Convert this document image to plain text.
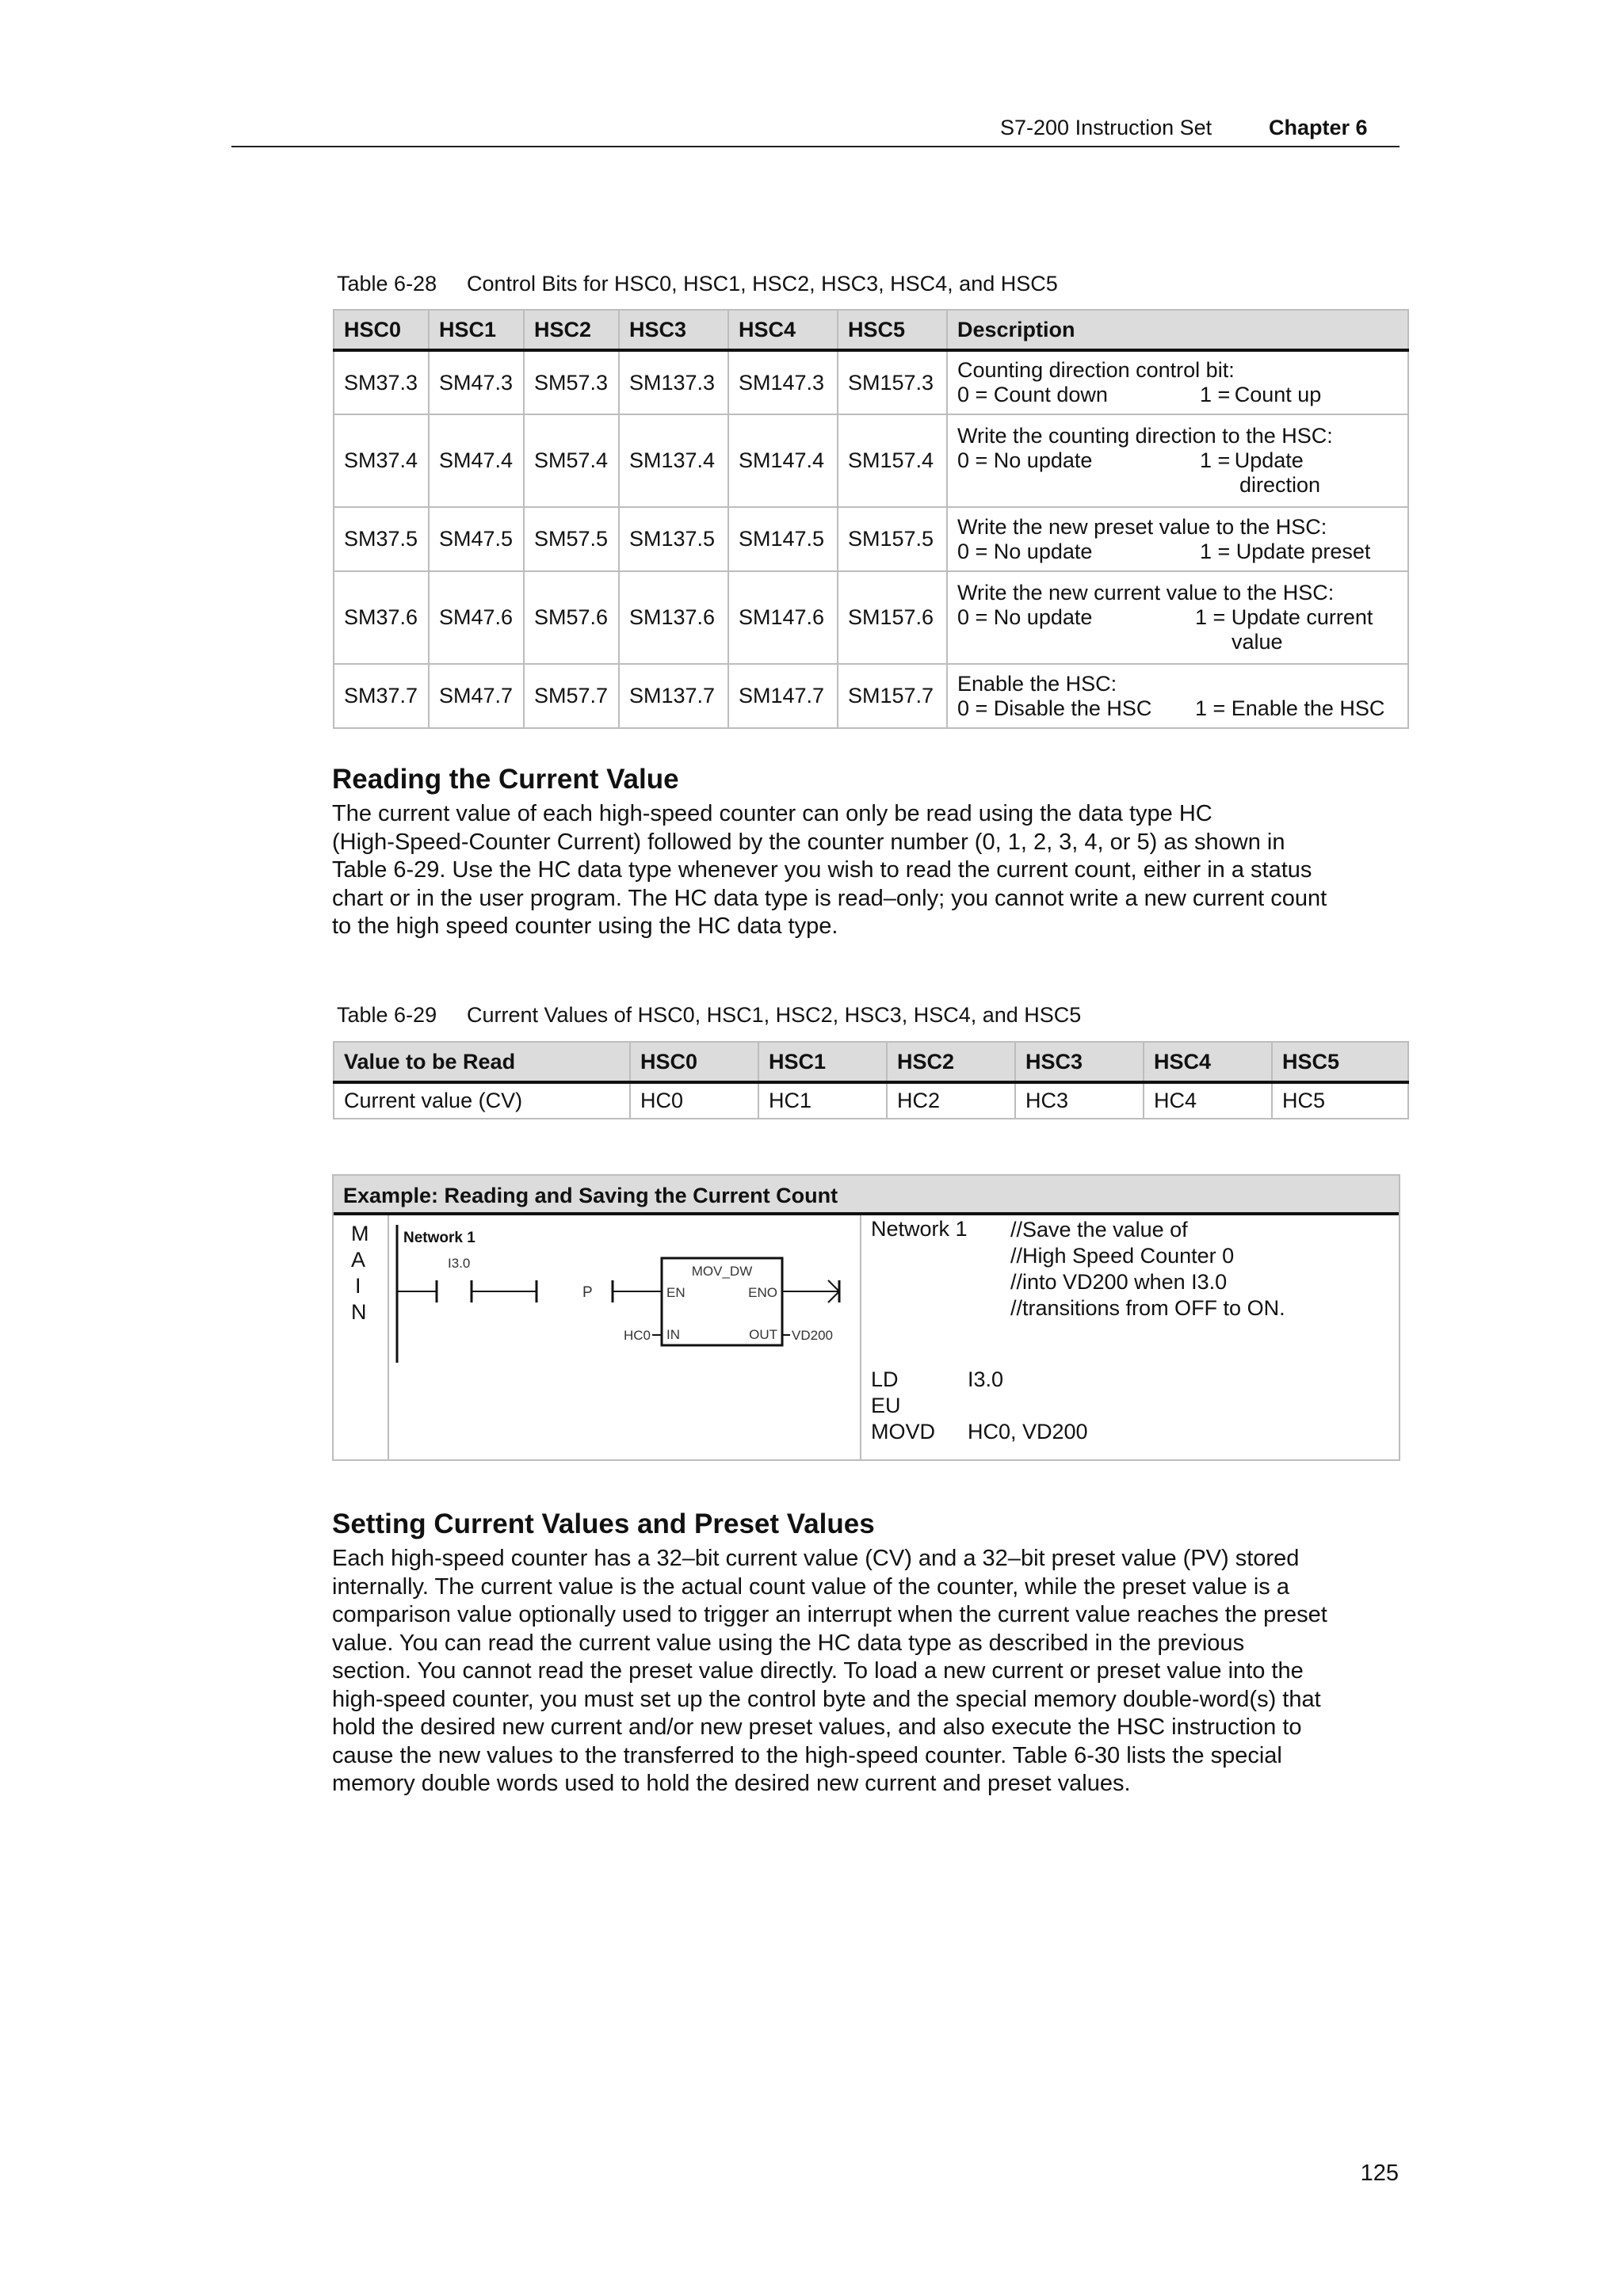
S7-200 Instruction Set	Chapter 6
Table 6-28 Control Bits for HSC0, HSC1, HSC2, HSC3, HSC4, and HSC5
HSC0	HSC1	HSC2	HSC3	HSC4	HSC5	Description
SM37.3	SM47.3	SM57.3	SM137.3	SM147.3	SM157.3	Counting direction control bit:
0 = Count down 1 = Count up

SM37.4	SM47.4	SM57.4	SM137.4	SM147.4	SM157.4	Write the counting direction to the HSC:
0 = No update 1 = Update
direction

SM37.5	SM47.5	SM57.5	SM137.5	SM147.5	SM157.5	Write the new preset value to the HSC:
0 = No update 1 = Update preset

SM37.6	SM47.6	SM57.6	SM137.6	SM147.6	SM157.6	Write the new current value to the HSC:
0 = No update 1 = Update current
value

SM37.7	SM47.7	SM57.7	SM137.7	SM147.7	SM157.7	Enable the HSC:
0 = Disable the HSC 1 = Enable the HSC
Reading the Current Value
The current value of each high-speed counter can only be read using the data type HC
(High-Speed-Counter Current) followed by the counter number (0, 1, 2, 3, 4, or 5) as shown in
Table 6-29. Use the HC data type whenever you wish to read the current count, either in a status
chart or in the user program. The HC data type is read–only; you cannot write a new current count
to the high speed counter using the HC data type.
Table 6-29 Current Values of HSC0, HSC1, HSC2, HSC3, HSC4, and HSC5
Value to be Read	HSC0	HSC1	HSC2	HSC3	HSC4	HSC5
Current value (CV)	HC0	HC1	HC2	HC3	HC4	HC5
Example: Reading and Saving the Current Count
M
A
I
N
Network 1
I3.0
P
MOV_DW
EN	ENO
IN	OUT
HC0	VD200
Network 1 //Save the value of
//High Speed Counter 0
//into VD200 when I3.0
//transitions from OFF to ON.
LD	I3.0
EU
MOVD HC0, VD200
Setting Current Values and Preset Values
Each high-speed counter has a 32–bit current value (CV) and a 32–bit preset value (PV) stored
internally. The current value is the actual count value of the counter, while the preset value is a
comparison value optionally used to trigger an interrupt when the current value reaches the preset
value. You can read the current value using the HC data type as described in the previous
section. You cannot read the preset value directly. To load a new current or preset value into the
high-speed counter, you must set up the control byte and the special memory double-word(s) that
hold the desired new current and/or new preset values, and also execute the HSC instruction to
cause the new values to the transferred to the high-speed counter. Table 6-30 lists the special
memory double words used to hold the desired new current and preset values.
125
